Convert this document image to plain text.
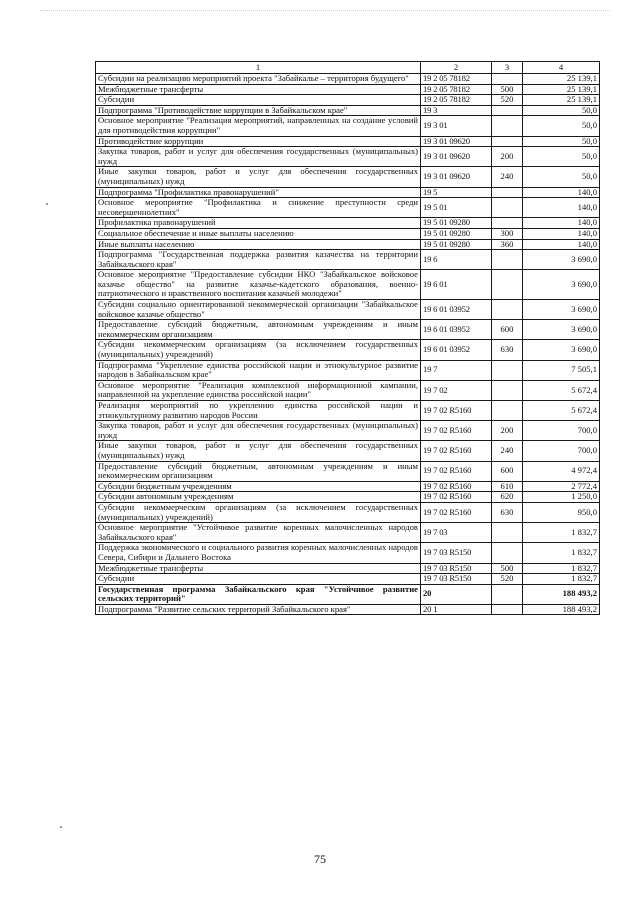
1	2	3	4
Субсидии на реализацию мероприятий проекта "Забайкалье – территория будущего"	19 2 05 78182		25 139,1
Межбюджетные трансферты	19 2 05 78182	500	25 139,1
Субсидии	19 2 05 78182	520	25 139,1
Подпрограмма "Противодействие коррупции в Забайкальском крае"	19 3		50,0
Основное мероприятие "Реализация мероприятий, направленных на создание условий для противодействия коррупции"	19 3 01		50,0
Противодействие коррупции	19 3 01 09620		50,0
Закупка товаров, работ и услуг для обеспечения государственных (муниципальных) нужд	19 3 01 09620	200	50,0
Иные закупки товаров, работ и услуг для обеспечения государственных (муниципальных) нужд	19 3 01 09620	240	50,0
Подпрограмма "Профилактика правонарушений"	19 5		140,0
Основное мероприятие "Профилактика и снижение преступности среди несовершеннолетних"	19 5 01		140,0
Профилактика правонарушений	19 5 01 09280		140,0
Социальное обеспечение и иные выплаты населению	19 5 01 09280	300	140,0
Иные выплаты населению	19 5 01 09280	360	140,0
Подпрограмма "Государственная поддержка развития казачества на территории Забайкальского края"	19 6		3 690,0
Основное мероприятие "Предоставление субсидии НКО "Забайкальское войсковое казачье общество" на развитие казачье-кадетского образования, военно-патриотического и нравственного воспитания казачьей молодежи"	19 6 01		3 690,0
Субсидии социально ориентированной некоммерческой организации "Забайкальское войсковое казачье общество"	19 6 01 03952		3 690,0
Предоставление субсидий бюджетным, автономным учреждениям и иным некоммерческим организациям	19 6 01 03952	600	3 690,0
Субсидии некоммерческим организациям (за исключением государственных (муниципальных) учреждений)	19 6 01 03952	630	3 690,0
Подпрограмма "Укрепление единства российской нации и этнокультурное развитие народов в Забайкальском крае"	19 7		7 505,1
Основное мероприятие "Реализация комплексной информационной кампании, направленной на укрепление единства российской нации"	19 7 02		5 672,4
Реализация мероприятий по укреплению единства российской нации и этнокультурному развитию народов России	19 7 02 R5160		5 672,4
Закупка товаров, работ и услуг для обеспечения государственных (муниципальных) нужд	19 7 02 R5160	200	700,0
Иные закупки товаров, работ и услуг для обеспечения государственных (муниципальных) нужд	19 7 02 R5160	240	700,0
Предоставление субсидий бюджетным, автономным учреждениям и иным некоммерческим организациям	19 7 02 R5160	600	4 972,4
Субсидии бюджетным учреждениям	19 7 02 R5160	610	2 772,4
Субсидии автономным учреждениям	19 7 02 R5160	620	1 250,0
Субсидии некоммерческим организациям (за исключением государственных (муниципальных) учреждений)	19 7 02 R5160	630	950,0
Основное мероприятие "Устойчивое развитие коренных малочисленных народов Забайкальского края"	19 7 03		1 832,7
Поддержка экономического и социального развития коренных малочисленных народов Севера, Сибири и Дальнего Востока	19 7 03 R5150		1 832,7
Межбюджетные трансферты	19 7 03 R5150	500	1 832,7
Субсидии	19 7 03 R5150	520	1 832,7
Государственная программа Забайкальского края "Устойчивое развитие сельских территорий"	20		188 493,2
Подпрограмма "Развитие сельских территорий Забайкальского края"	20 1		188 493,2
75
